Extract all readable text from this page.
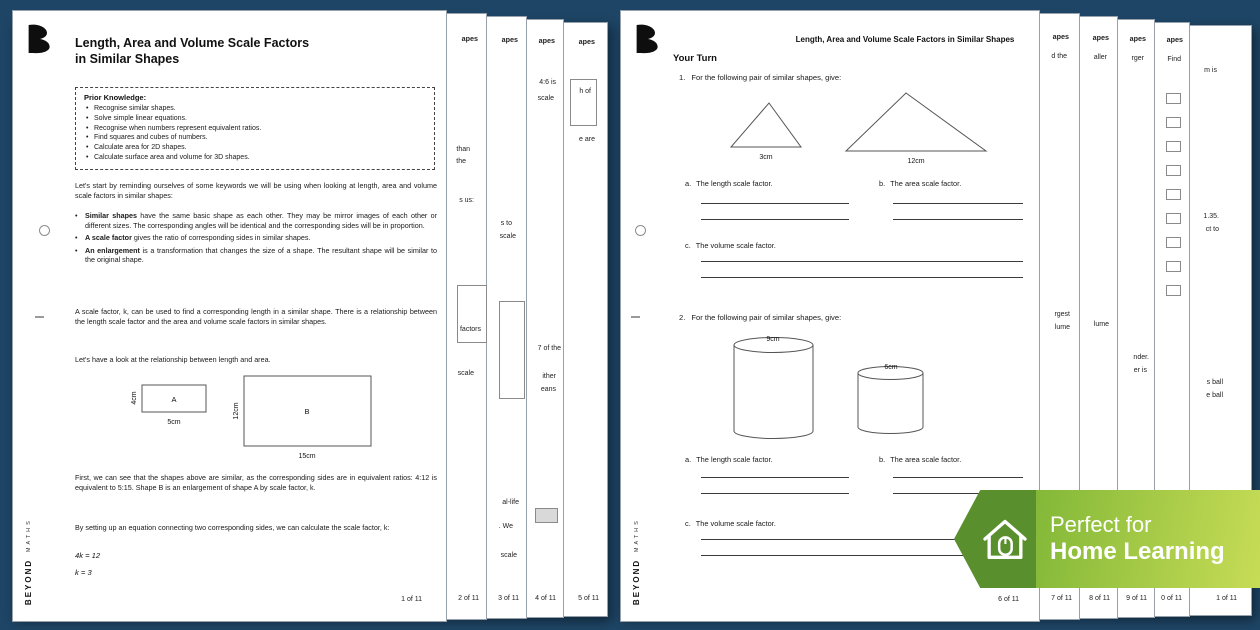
apes
h of
e are
5 of 11
apes
4:6 is
scale
7 of the
ither
eans
4 of 11
apes
s to
scale
al-life
. We
scale
3 of 11
apes
than
the
s us:
factors
scale
2 of 11
Length, Area and Volume Scale Factors
in Similar Shapes
Prior Knowledge:
• Recognise similar shapes.
• Solve simple linear equations.
• Recognise when numbers represent equivalent ratios.
• Find squares and cubes of numbers.
• Calculate area for 2D shapes.
• Calculate surface area and volume for 3D shapes.
Let's start by reminding ourselves of some keywords we will be using when looking at length, area and volume scale factors in similar shapes:
• Similar shapes have the same basic shape as each other. They may be mirror images of each other or different sizes. The corresponding angles will be identical and the corresponding sides will be in proportion.
• A scale factor gives the ratio of corresponding sides in similar shapes.
• An enlargement is a transformation that changes the size of a shape. The resultant shape will be similar to the original shape.
A scale factor, k, can be used to find a corresponding length in a similar shape. There is a relationship between the length scale factor and the area and volume scale factors in similar shapes.
Let's have a look at the relationship between length and area.
A
4cm
5cm
B
12cm
15cm
First, we can see that the shapes above are similar, as the corresponding sides are in equivalent ratios: 4:12 is equivalent to 5:15. Shape B is an enlargement of shape A by scale factor, k.
By setting up an equation connecting two corresponding sides, we can calculate the scale factor, k:
4k = 12
k = 3
BEYONDMATHS
1 of 11
m is
1.35.
ct to
s ball
e ball
1 of 11
apes
Find
0 of 11
apes
rger
nder.
er is
9 of 11
apes
aller
lume
8 of 11
apes
d the
rgest
lume
7 of 11
Length, Area and Volume Scale Factors in Similar Shapes
Your Turn
1. For the following pair of similar shapes, give:
3cm
12cm
a. The length scale factor.	b. The area scale factor.
c. The volume scale factor.
2. For the following pair of similar shapes, give:
9cm
6cm
a. The length scale factor.	b. The area scale factor.
c. The volume scale factor.
BEYONDMATHS
6 of 11
Perfect for
Home Learning
